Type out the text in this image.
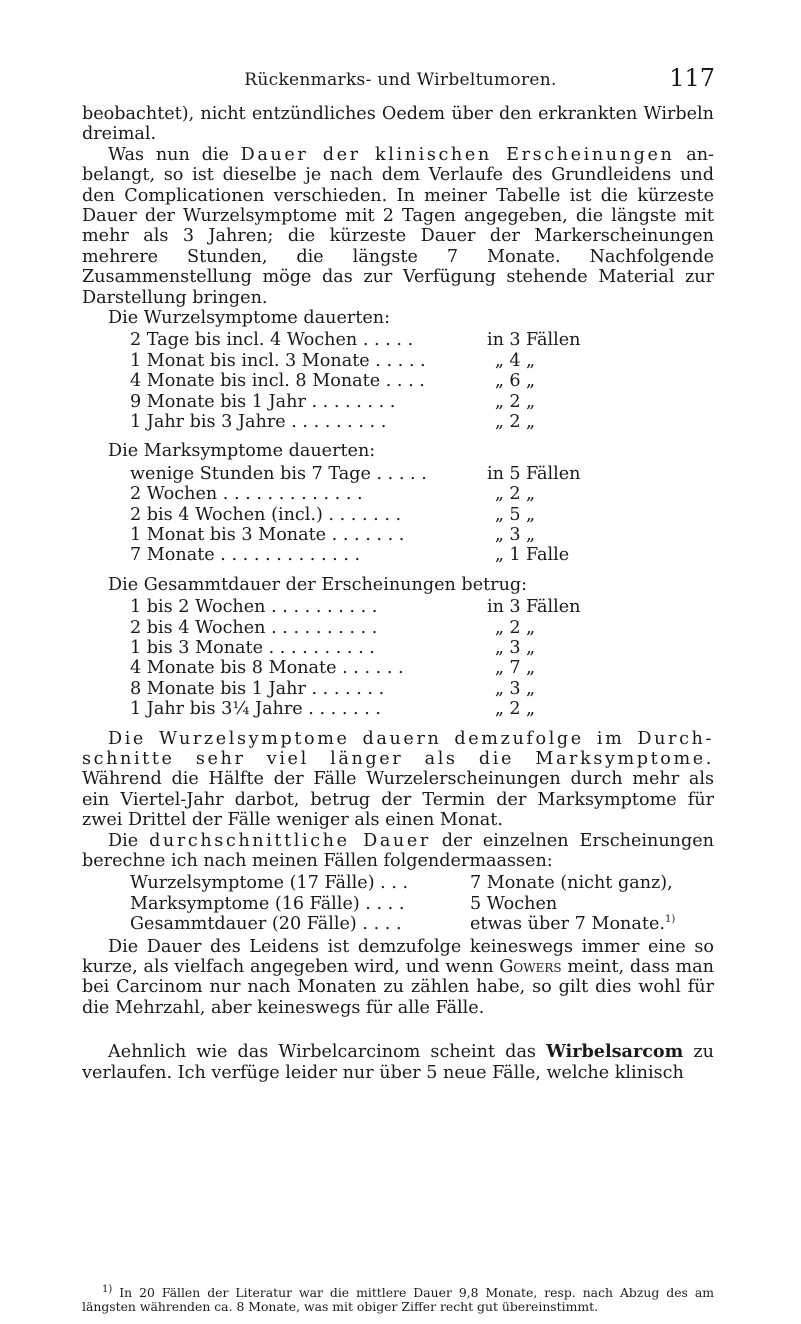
Rückenmarks- und Wirbeltumoren.	117

beobachtet), nicht entzündliches Oedem über den erkrankten Wirbeln dreimal.

Was nun die Dauer der klinischen Erscheinungen an-belangt, so ist dieselbe je nach dem Verlaufe des Grundleidens und den Complicationen verschieden. In meiner Tabelle ist die kürzeste Dauer der Wurzelsymptome mit 2 Tagen angegeben, die längste mit mehr als 3 Jahren; die kürzeste Dauer der Markerscheinungen mehrere Stunden, die längste 7 Monate. Nachfolgende Zusammenstellung möge das zur Verfügung stehende Material zur Darstellung bringen.

Die Wurzelsymptome dauerten:

2 Tage bis incl. 4 Wochen . . . . .	in 3 Fällen
1 Monat bis incl. 3 Monate . . . . .	„ 4 „
4 Monate bis incl. 8 Monate . . . .	„ 6 „
9 Monate bis 1 Jahr . . . . . . . .	„ 2 „
1 Jahr bis 3 Jahre . . . . . . . . .	„ 2 „

Die Marksymptome dauerten:

wenige Stunden bis 7 Tage . . . . .	in 5 Fällen
2 Wochen . . . . . . . . . . . . .	„ 2 „
2 bis 4 Wochen (incl.) . . . . . . .	„ 5 „
1 Monat bis 3 Monate . . . . . . .	„ 3 „
7 Monate . . . . . . . . . . . . .	„ 1 Falle

Die Gesammtdauer der Erscheinungen betrug:

1 bis 2 Wochen . . . . . . . . . .	in 3 Fällen
2 bis 4 Wochen . . . . . . . . . .	„ 2 „
1 bis 3 Monate . . . . . . . . . .	„ 3 „
4 Monate bis 8 Monate . . . . . .	„ 7 „
8 Monate bis 1 Jahr . . . . . . .	„ 3 „
1 Jahr bis 3¼ Jahre . . . . . . .	„ 2 „

Die Wurzelsymptome dauern demzufolge im Durch-schnitte sehr viel länger als die Marksymptome. Während die Hälfte der Fälle Wurzelerscheinungen durch mehr als ein Viertel-Jahr darbot, betrug der Termin der Marksymptome für zwei Drittel der Fälle weniger als einen Monat.

Die durchschnittliche Dauer der einzelnen Erscheinungen berechne ich nach meinen Fällen folgendermaassen:

Wurzelsymptome (17 Fälle) . . .	7 Monate (nicht ganz),
Marksymptome (16 Fälle) . . . .	5 Wochen
Gesammtdauer (20 Fälle) . . . .	etwas über 7 Monate.$^{1)}$

Die Dauer des Leidens ist demzufolge keineswegs immer eine so kurze, als vielfach angegeben wird, und wenn Gowers meint, dass man bei Carcinom nur nach Monaten zu zählen habe, so gilt dies wohl für die Mehrzahl, aber keineswegs für alle Fälle.

Aehnlich wie das Wirbelcarcinom scheint das Wirbelsarcom zu verlaufen. Ich verfüge leider nur über 5 neue Fälle, welche klinisch

$^{1)}$ In 20 Fällen der Literatur war die mittlere Dauer 9,8 Monate, resp. nach Abzug des am längsten währenden ca. 8 Monate, was mit obiger Ziffer recht gut übereinstimmt.
